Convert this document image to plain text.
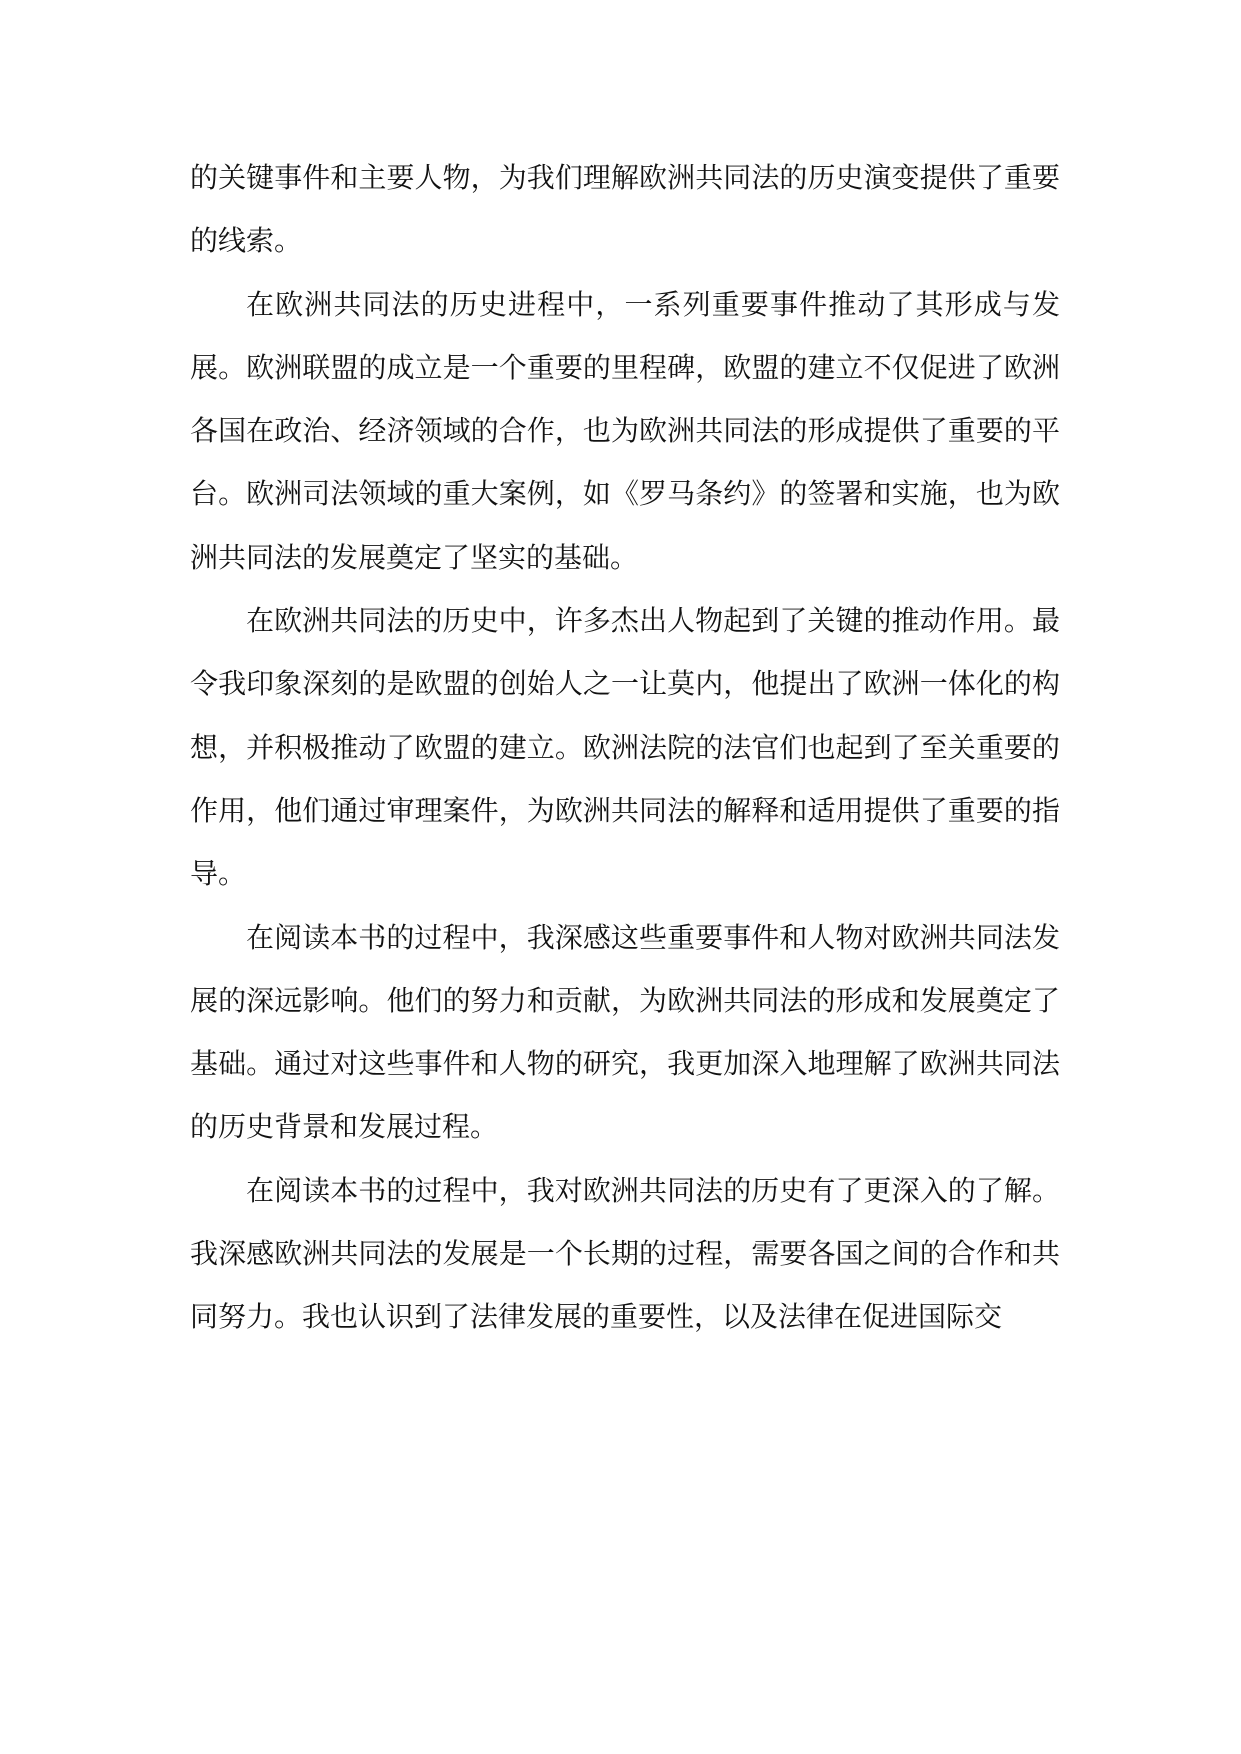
的关键事件和主要人物，为我们理解欧洲共同法的历史演变提供了重要的线索。

在欧洲共同法的历史进程中，一系列重要事件推动了其形成与发展。欧洲联盟的成立是一个重要的里程碑，欧盟的建立不仅促进了欧洲各国在政治、经济领域的合作，也为欧洲共同法的形成提供了重要的平台。欧洲司法领域的重大案例，如《罗马条约》的签署和实施，也为欧洲共同法的发展奠定了坚实的基础。

在欧洲共同法的历史中，许多杰出人物起到了关键的推动作用。最令我印象深刻的是欧盟的创始人之一让莫内，他提出了欧洲一体化的构想，并积极推动了欧盟的建立。欧洲法院的法官们也起到了至关重要的作用，他们通过审理案件，为欧洲共同法的解释和适用提供了重要的指导。

在阅读本书的过程中，我深感这些重要事件和人物对欧洲共同法发展的深远影响。他们的努力和贡献，为欧洲共同法的形成和发展奠定了基础。通过对这些事件和人物的研究，我更加深入地理解了欧洲共同法的历史背景和发展过程。

在阅读本书的过程中，我对欧洲共同法的历史有了更深入的了解。我深感欧洲共同法的发展是一个长期的过程，需要各国之间的合作和共同努力。我也认识到了法律发展的重要性，以及法律在促进国际交
